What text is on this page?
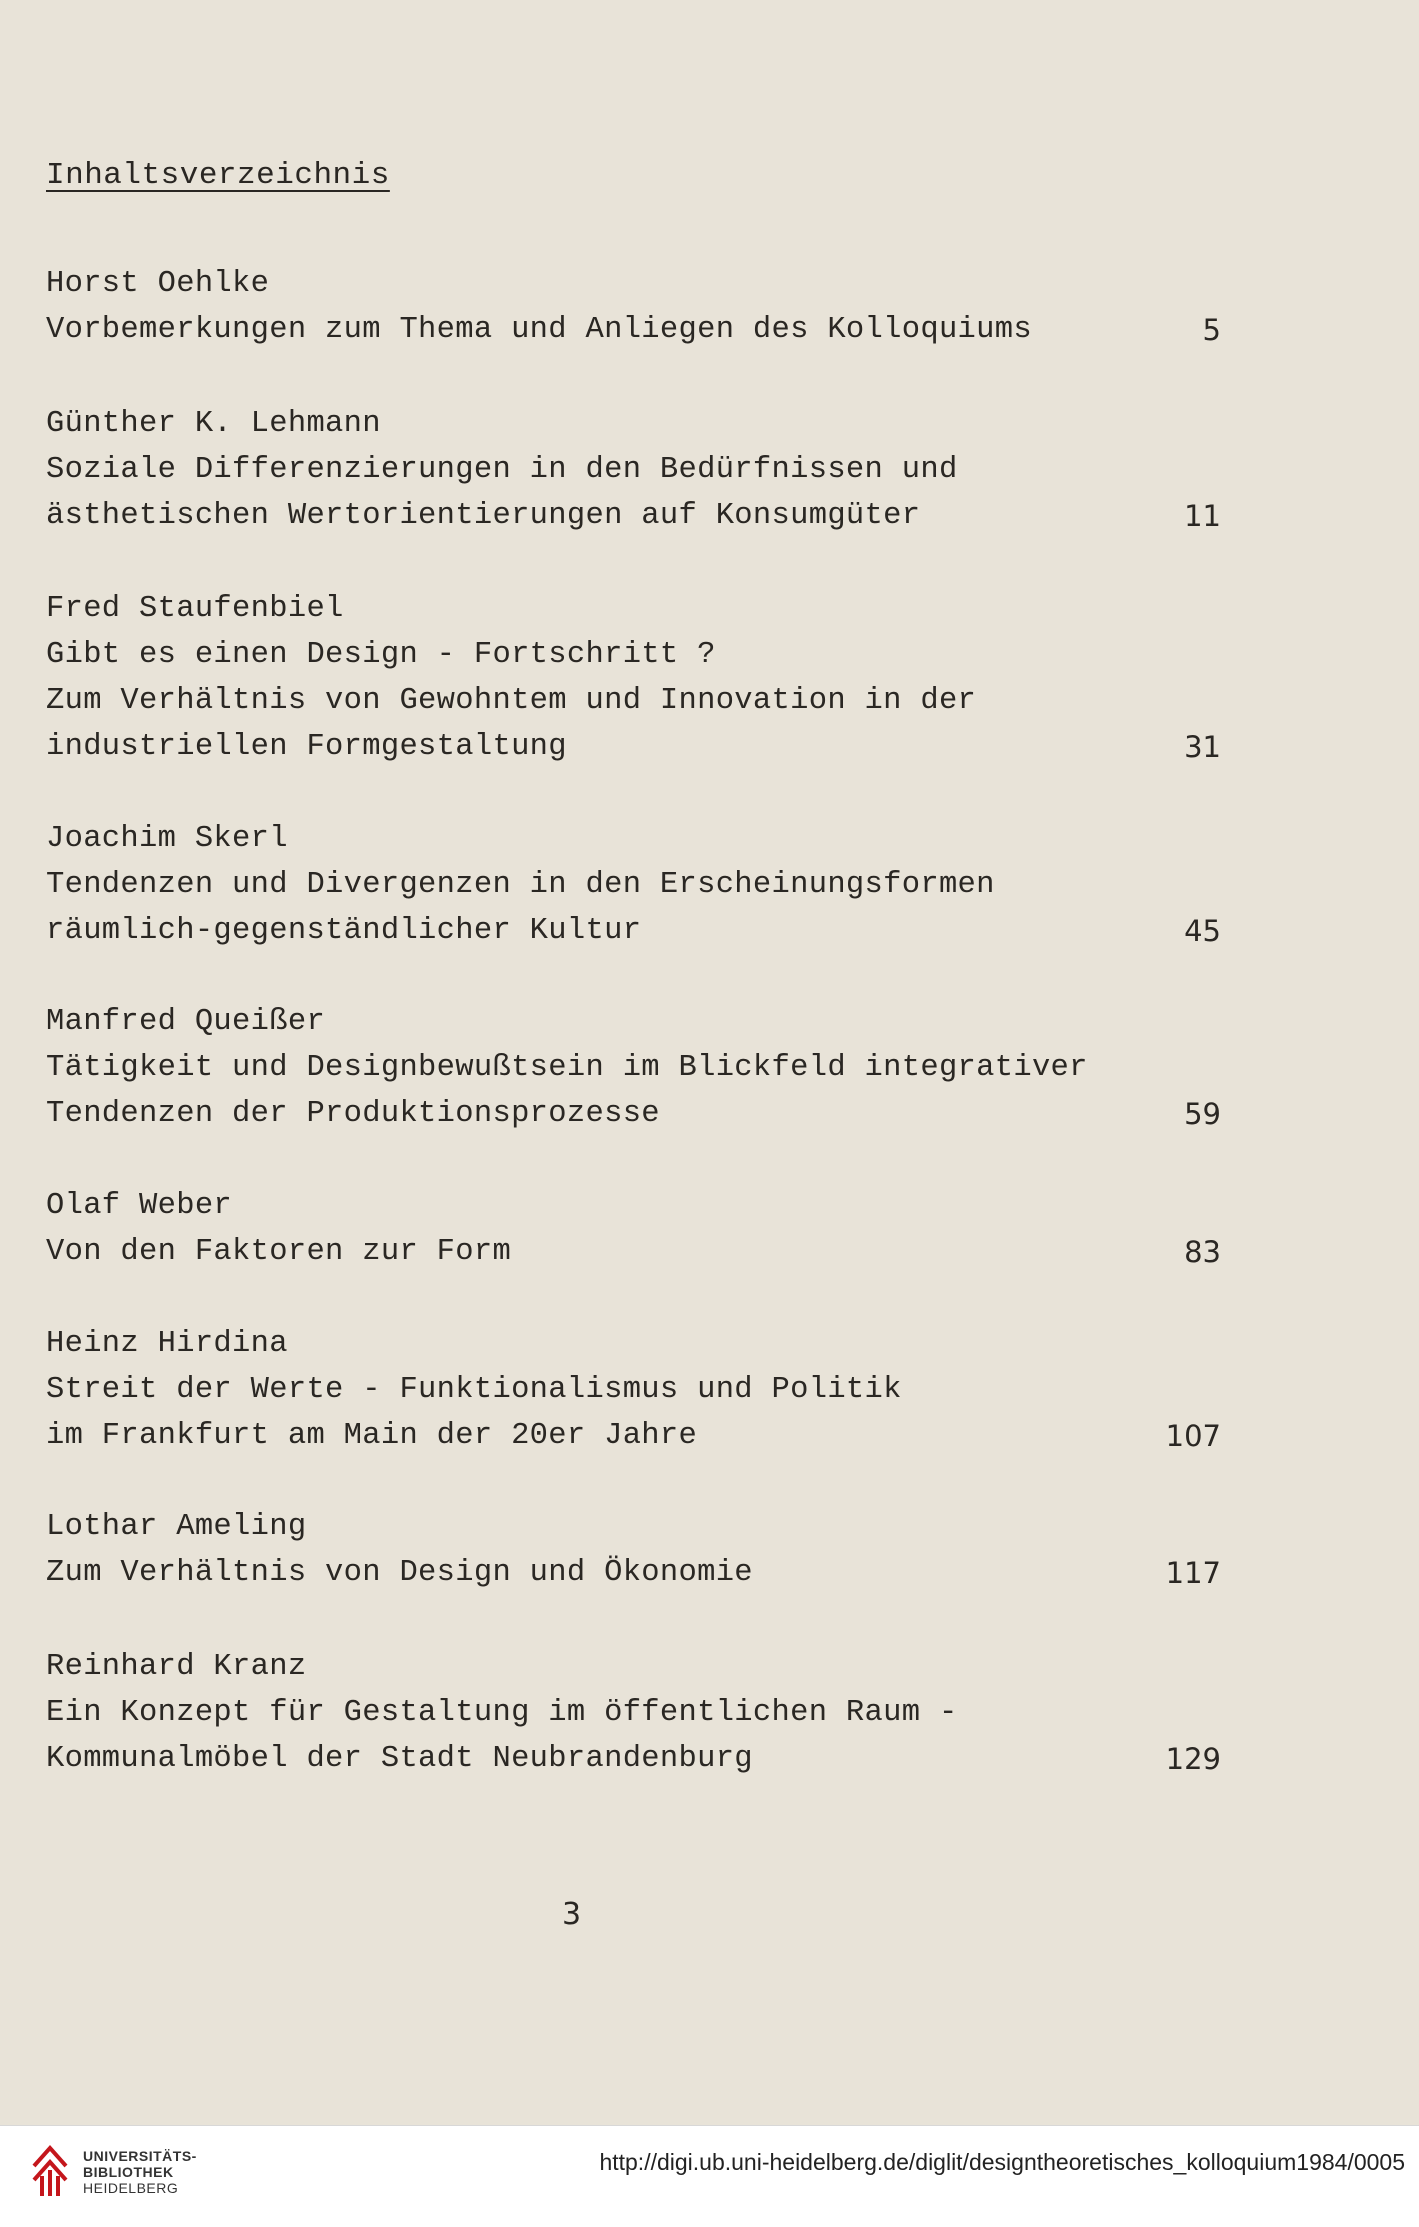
Inhaltsverzeichnis
Horst Oehlke
Vorbemerkungen zum Thema und Anliegen des Kolloquiums	5
Günther K. Lehmann
Soziale Differenzierungen in den Bedürfnissen und
ästhetischen Wertorientierungen auf Konsumgüter	11
Fred Staufenbiel
Gibt es einen Design - Fortschritt ?
Zum Verhältnis von Gewohntem und Innovation in der
industriellen Formgestaltung	31
Joachim Skerl
Tendenzen und Divergenzen in den Erscheinungsformen
räumlich-gegenständlicher Kultur	45
Manfred Queißer
Tätigkeit und Designbewußtsein im Blickfeld integrativer
Tendenzen der Produktionsprozesse	59
Olaf Weber
Von den Faktoren zur Form	83
Heinz Hirdina
Streit der Werte - Funktionalismus und Politik
im Frankfurt am Main der 20er Jahre	107
Lothar Ameling
Zum Verhältnis von Design und Ökonomie	117
Reinhard Kranz
Ein Konzept für Gestaltung im öffentlichen Raum -
Kommunalmöbel der Stadt Neubrandenburg	129
3
UNIVERSITÄTS-
BIBLIOTHEK
HEIDELBERG
http://digi.ub.uni-heidelberg.de/diglit/designtheoretisches_kolloquium1984/0005
